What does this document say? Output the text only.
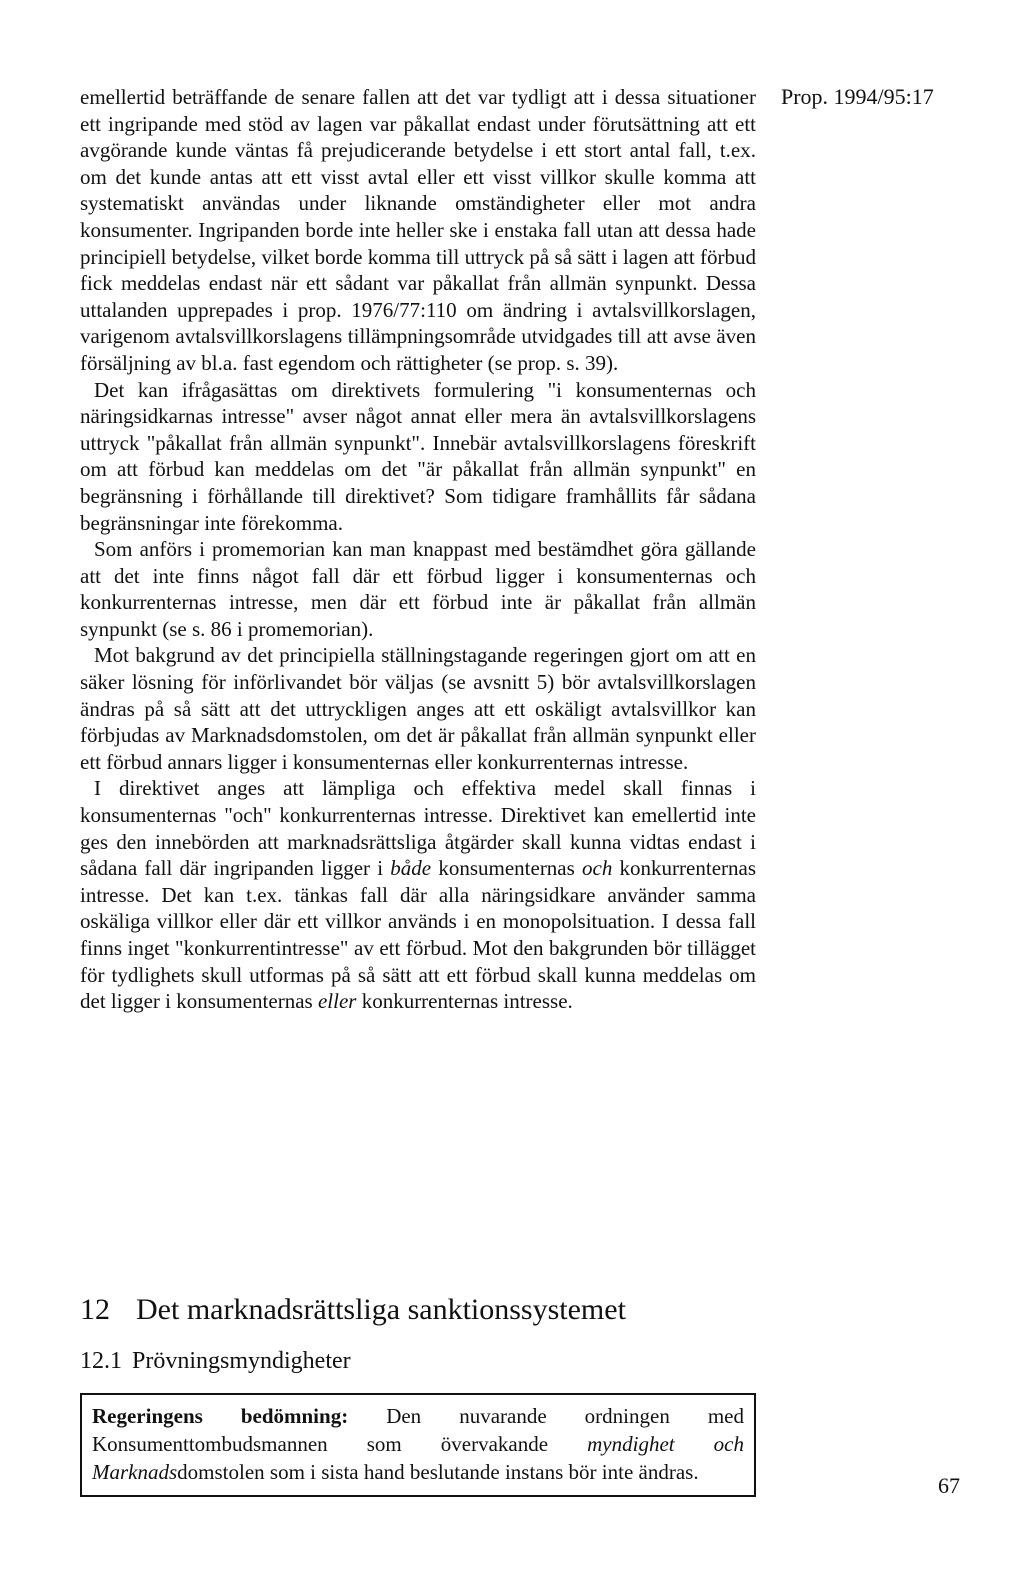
Prop. 1994/95:17

emellertid beträffande de senare fallen att det var tydligt att i dessa situationer ett ingripande med stöd av lagen var påkallat endast under förutsättning att ett avgörande kunde väntas få prejudicerande betydelse i ett stort antal fall, t.ex. om det kunde antas att ett visst avtal eller ett visst villkor skulle komma att systematiskt användas under liknande omständigheter eller mot andra konsumenter. Ingripanden borde inte heller ske i enstaka fall utan att dessa hade principiell betydelse, vilket borde komma till uttryck på så sätt i lagen att förbud fick meddelas endast när ett sådant var påkallat från allmän synpunkt. Dessa uttalanden upprepades i prop. 1976/77:110 om ändring i avtalsvillkorslagen, varigenom avtalsvillkorslagens tillämpningsområde utvidgades till att avse även försäljning av bl.a. fast egendom och rättigheter (se prop. s. 39).

Det kan ifrågasättas om direktivets formulering "i konsumenternas och näringsidkarnas intresse" avser något annat eller mera än avtalsvillkorslagens uttryck "påkallat från allmän synpunkt". Innebär avtalsvillkorslagens föreskrift om att förbud kan meddelas om det "är påkallat från allmän synpunkt" en begränsning i förhållande till direktivet? Som tidigare framhållits får sådana begränsningar inte förekomma.

Som anförs i promemorian kan man knappast med bestämdhet göra gällande att det inte finns något fall där ett förbud ligger i konsumenternas och konkurrenternas intresse, men där ett förbud inte är påkallat från allmän synpunkt (se s. 86 i promemorian).

Mot bakgrund av det principiella ställningstagande regeringen gjort om att en säker lösning för införlivandet bör väljas (se avsnitt 5) bör avtalsvillkorslagen ändras på så sätt att det uttryckligen anges att ett oskäligt avtalsvillkor kan förbjudas av Marknadsdomstolen, om det är påkallat från allmän synpunkt eller ett förbud annars ligger i konsumenternas eller konkurrenternas intresse.

I direktivet anges att lämpliga och effektiva medel skall finnas i konsumenternas "och" konkurrenternas intresse. Direktivet kan emellertid inte ges den innebörden att marknadsrättsliga åtgärder skall kunna vidtas endast i sådana fall där ingripanden ligger i både konsumenternas och konkurrenternas intresse. Det kan t.ex. tänkas fall där alla näringsidkare använder samma oskäliga villkor eller där ett villkor används i en monopolsituation. I dessa fall finns inget "konkurrentintresse" av ett förbud. Mot den bakgrunden bör tillägget för tydlighets skull utformas på så sätt att ett förbud skall kunna meddelas om det ligger i konsumenternas eller konkurrenternas intresse.

12 Det marknadsrättsliga sanktionssystemet
12.1 Prövningsmyndigheter
Regeringens bedömning: Den nuvarande ordningen med Konsumenttombudsmannen som övervakande myndighet och Marknadsdomstolen som i sista hand beslutande instans bör inte ändras.
67
